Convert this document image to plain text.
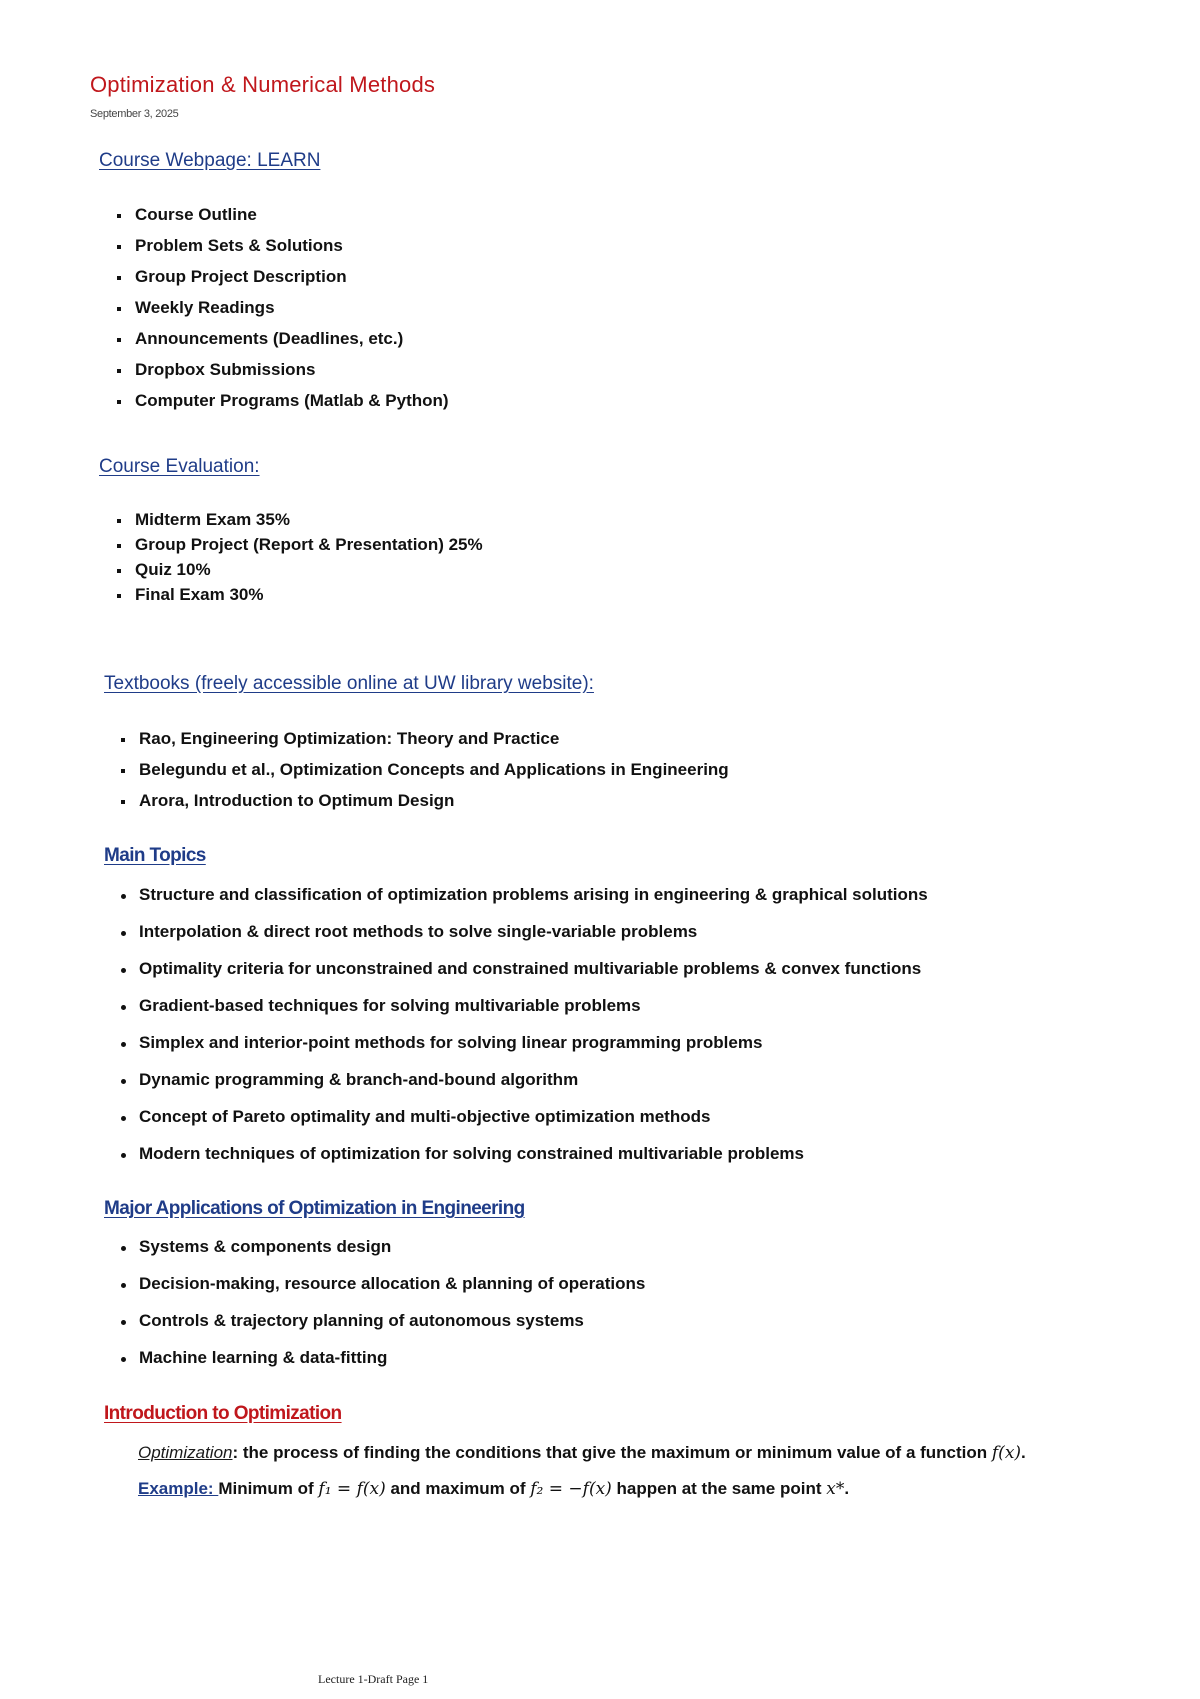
Optimization & Numerical Methods
September 3, 2025
Course Webpage: LEARN
Course Outline
Problem Sets & Solutions
Group Project Description
Weekly Readings
Announcements (Deadlines, etc.)
Dropbox Submissions
Computer Programs (Matlab & Python)
Course Evaluation:
Midterm Exam 35%
Group Project (Report & Presentation) 25%
Quiz 10%
Final Exam 30%
Textbooks (freely accessible online at UW library website):
Rao, Engineering Optimization: Theory and Practice
Belegundu et al., Optimization Concepts and Applications in Engineering
Arora, Introduction to Optimum Design
Main Topics
Structure and classification of optimization problems arising in engineering & graphical solutions
Interpolation & direct root methods to solve single-variable problems
Optimality criteria for unconstrained and constrained multivariable problems & convex functions
Gradient-based techniques for solving multivariable problems
Simplex and interior-point methods for solving linear programming problems
Dynamic programming & branch-and-bound algorithm
Concept of Pareto optimality and multi-objective optimization methods
Modern techniques of optimization for solving constrained multivariable problems
Major Applications of Optimization in Engineering
Systems & components design
Decision-making, resource allocation & planning of operations
Controls & trajectory planning of autonomous systems
Machine learning & data-fitting
Introduction to Optimization
Optimization: the process of finding the conditions that give the maximum or minimum value of a function f(x).
Example: Minimum of f₁ = f(x) and maximum of f₂ = −f(x) happen at the same point x*.
Lecture 1-Draft Page 1
